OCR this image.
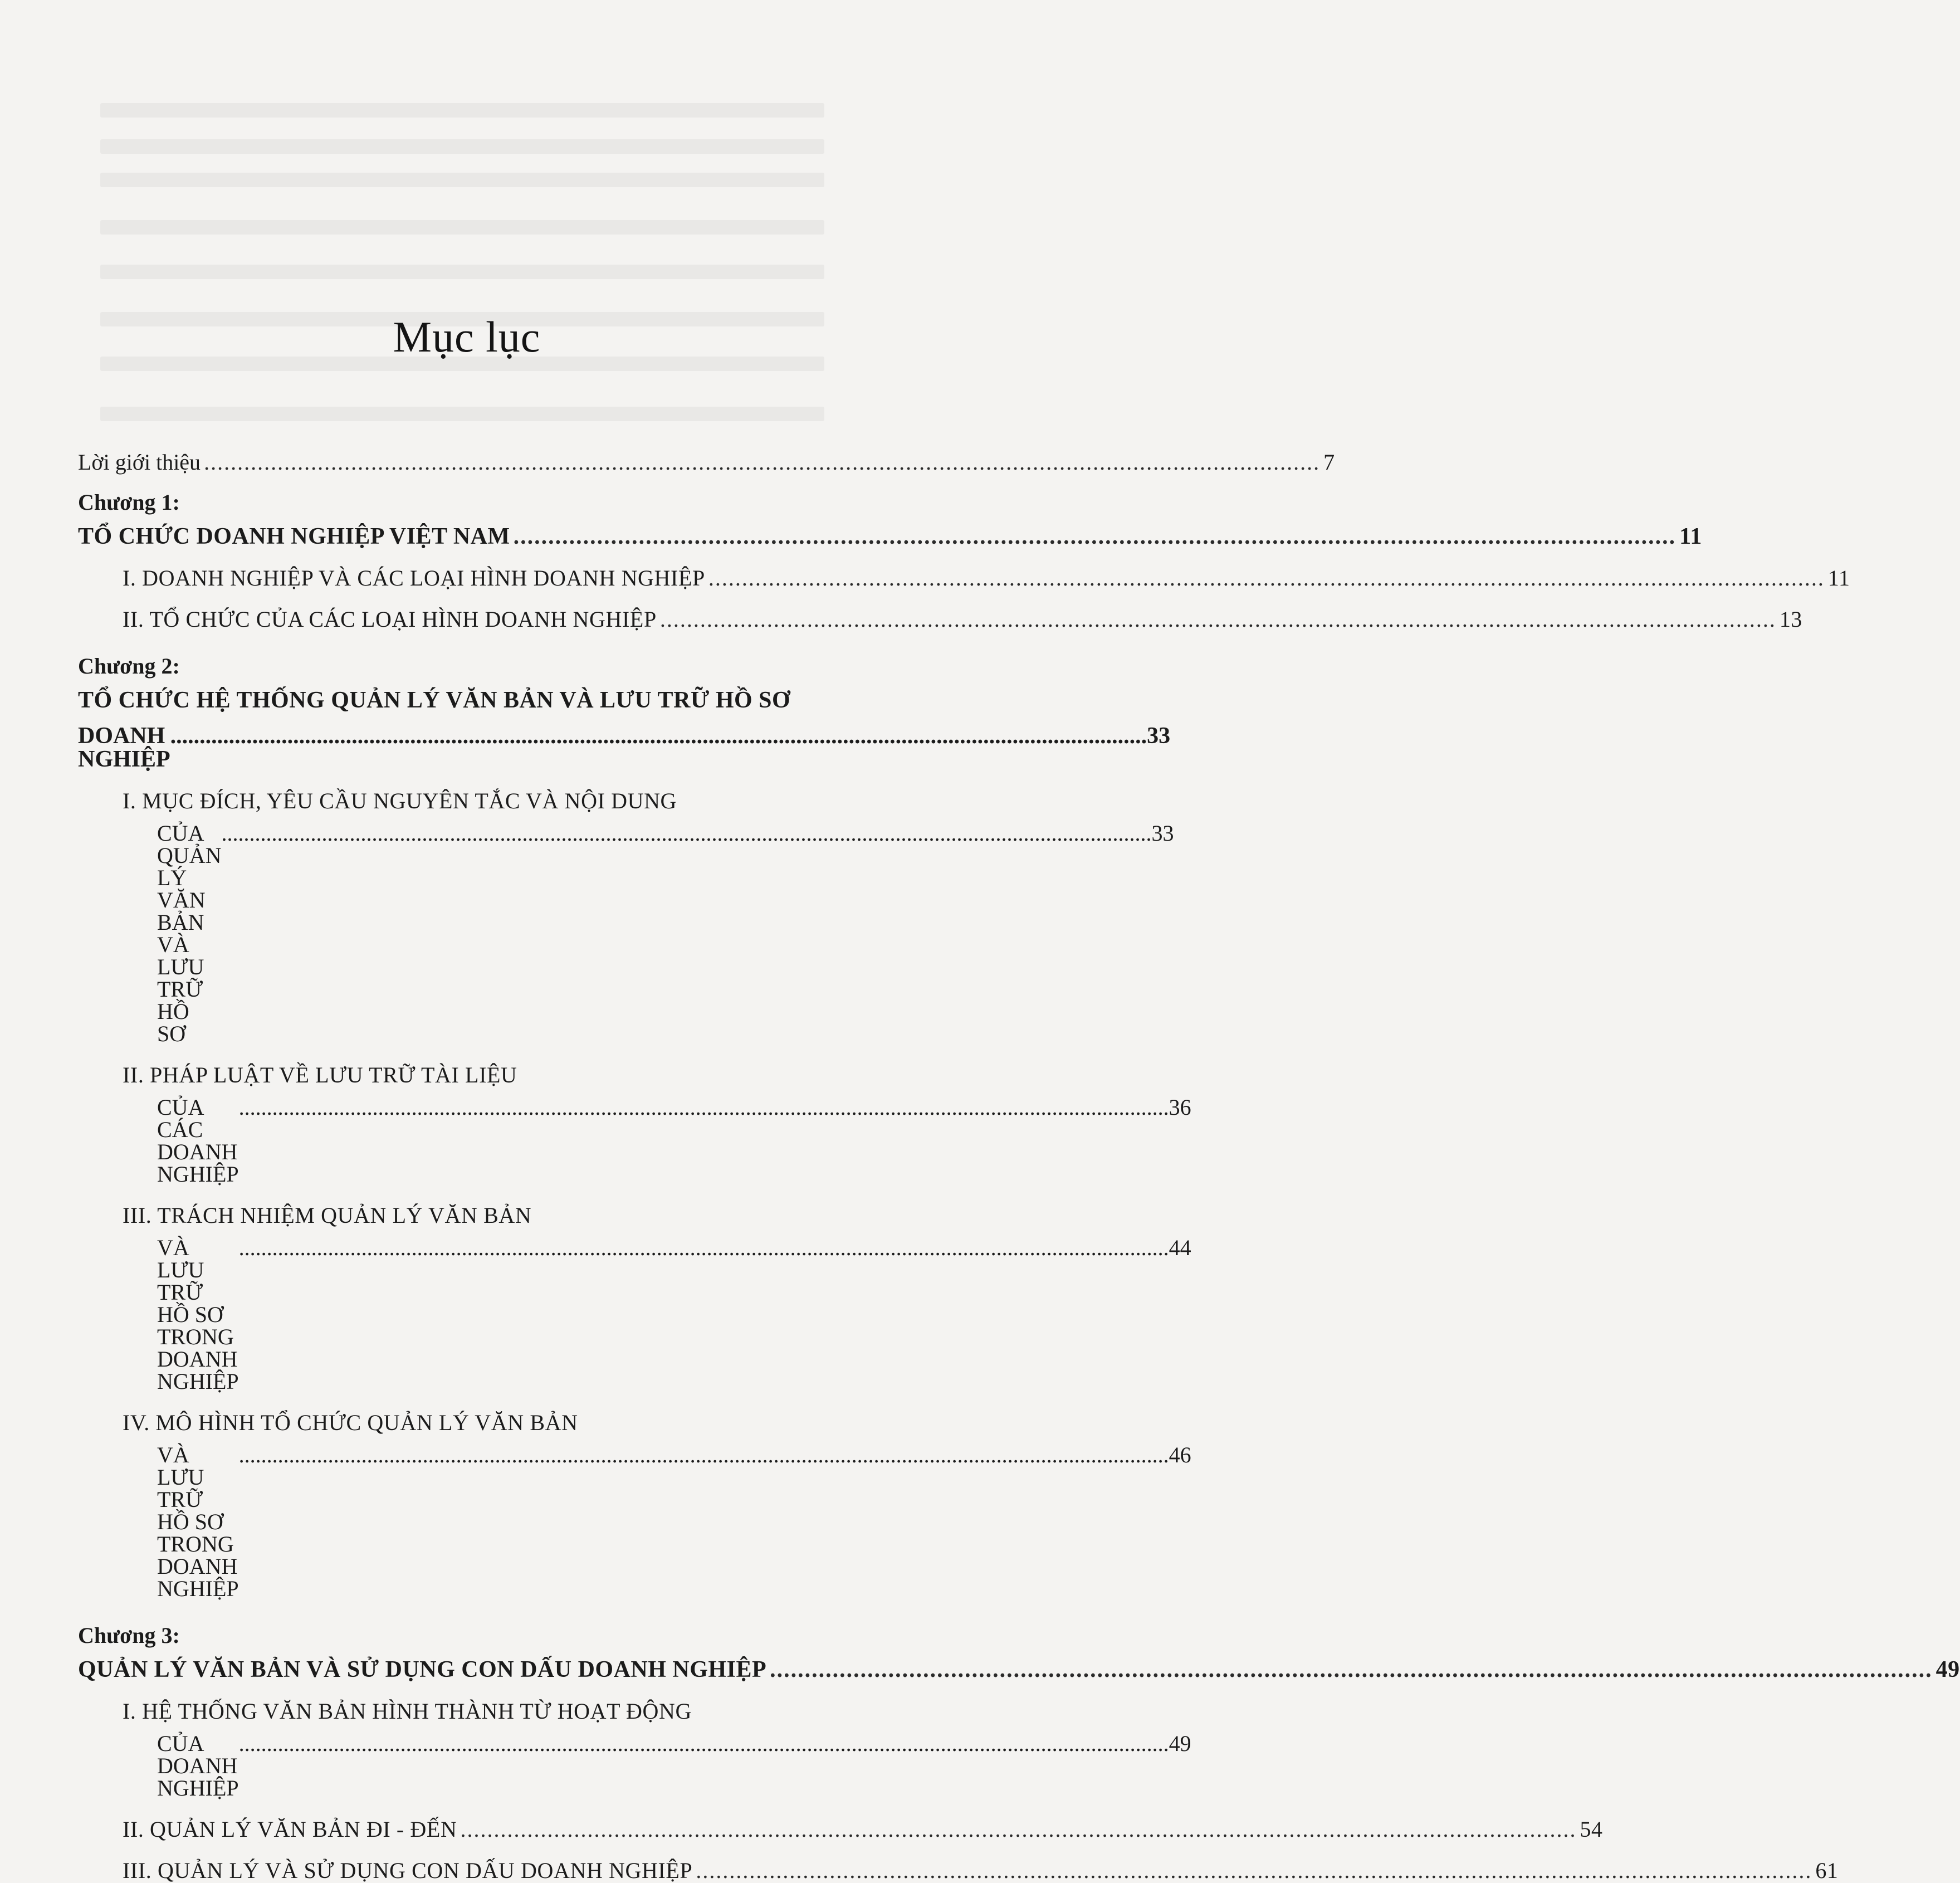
Mục lục
Lời giới thiệu ....................................................................................................................................................................... 7
Chương 1:
TỔ CHỨC DOANH NGHIỆP VIỆT NAM ....................................................................................................................................................................... 11
I. DOANH NGHIỆP VÀ CÁC LOẠI HÌNH DOANH NGHIỆP ....................................................................................................................................................................... 11
II. TỔ CHỨC CỦA CÁC LOẠI HÌNH DOANH NGHIỆP ....................................................................................................................................................................... 13
Chương 2:
TỔ CHỨC HỆ THỐNG QUẢN LÝ VĂN BẢN VÀ LƯU TRỮ HỒ SƠ
DOANH NGHIỆP
....................................................................................................................................................................... 33
I. MỤC ĐÍCH, YÊU CẦU NGUYÊN TẮC VÀ NỘI DUNG
CỦA QUẢN LÝ VĂN BẢN VÀ LƯU TRỮ HỒ SƠ
....................................................................................................................................................................... 33
II. PHÁP LUẬT VỀ LƯU TRỮ TÀI LIỆU
CỦA CÁC DOANH NGHIỆP
....................................................................................................................................................................... 36
III. TRÁCH NHIỆM QUẢN LÝ VĂN BẢN
VÀ LƯU TRỮ HỒ SƠ TRONG DOANH NGHIỆP
....................................................................................................................................................................... 44
IV. MÔ HÌNH TỔ CHỨC QUẢN LÝ VĂN BẢN
VÀ LƯU TRỮ HỒ SƠ TRONG DOANH NGHIỆP
....................................................................................................................................................................... 46
Chương 3:
QUẢN LÝ VĂN BẢN VÀ SỬ DỤNG CON DẤU DOANH NGHIỆP ....................................................................................................................................................................... 49
I. HỆ THỐNG VĂN BẢN HÌNH THÀNH TỪ HOẠT ĐỘNG
CỦA DOANH NGHIỆP
....................................................................................................................................................................... 49
II. QUẢN LÝ VĂN BẢN ĐI - ĐẾN ....................................................................................................................................................................... 54
III. QUẢN LÝ VÀ SỬ DỤNG CON DẤU DOANH NGHIỆP ....................................................................................................................................................................... 61
